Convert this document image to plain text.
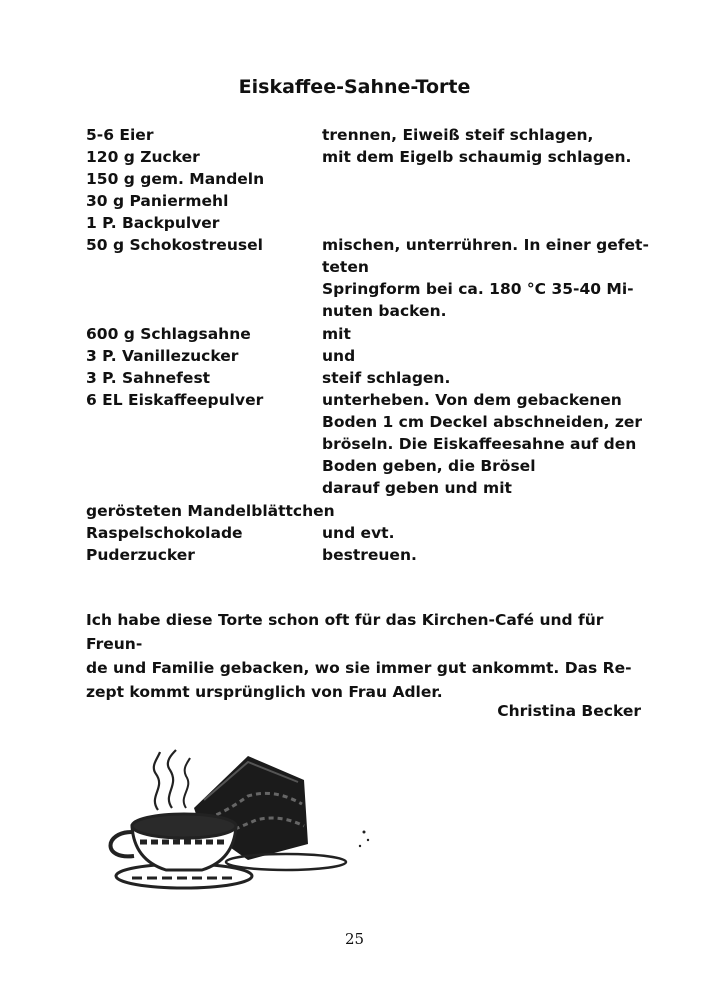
Eiskaffee-Sahne-Torte
5-6 Eier
120 g Zucker
150 g gem. Mandeln
30 g Paniermehl
1 P. Backpulver
50 g Schokostreusel
600 g Schlagsahne
3 P. Vanillezucker
3 P. Sahnefest
6 EL Eiskaffeepulver
gerösteten Mandelblättchen
Raspelschokolade
Puderzucker
trennen, Eiweiß steif schlagen,
mit dem Eigelb schaumig schlagen.
mischen, unterrühren. In einer gefet-
teten
Springform bei ca. 180 °C 35-40 Mi-
nuten backen.
mit
und
steif schlagen.
unterheben. Von dem gebackenen
Boden 1 cm Deckel abschneiden, zer
bröseln. Die Eiskaffeesahne auf den
Boden geben, die Brösel
darauf geben und mit
und evt.
bestreuen.

Ich habe diese Torte schon oft für das Kirchen-Café und für Freun-

de und Familie gebacken, wo sie immer gut ankommt. Das Re-

zept kommt ursprünglich von Frau Adler.

Christina Becker
25
